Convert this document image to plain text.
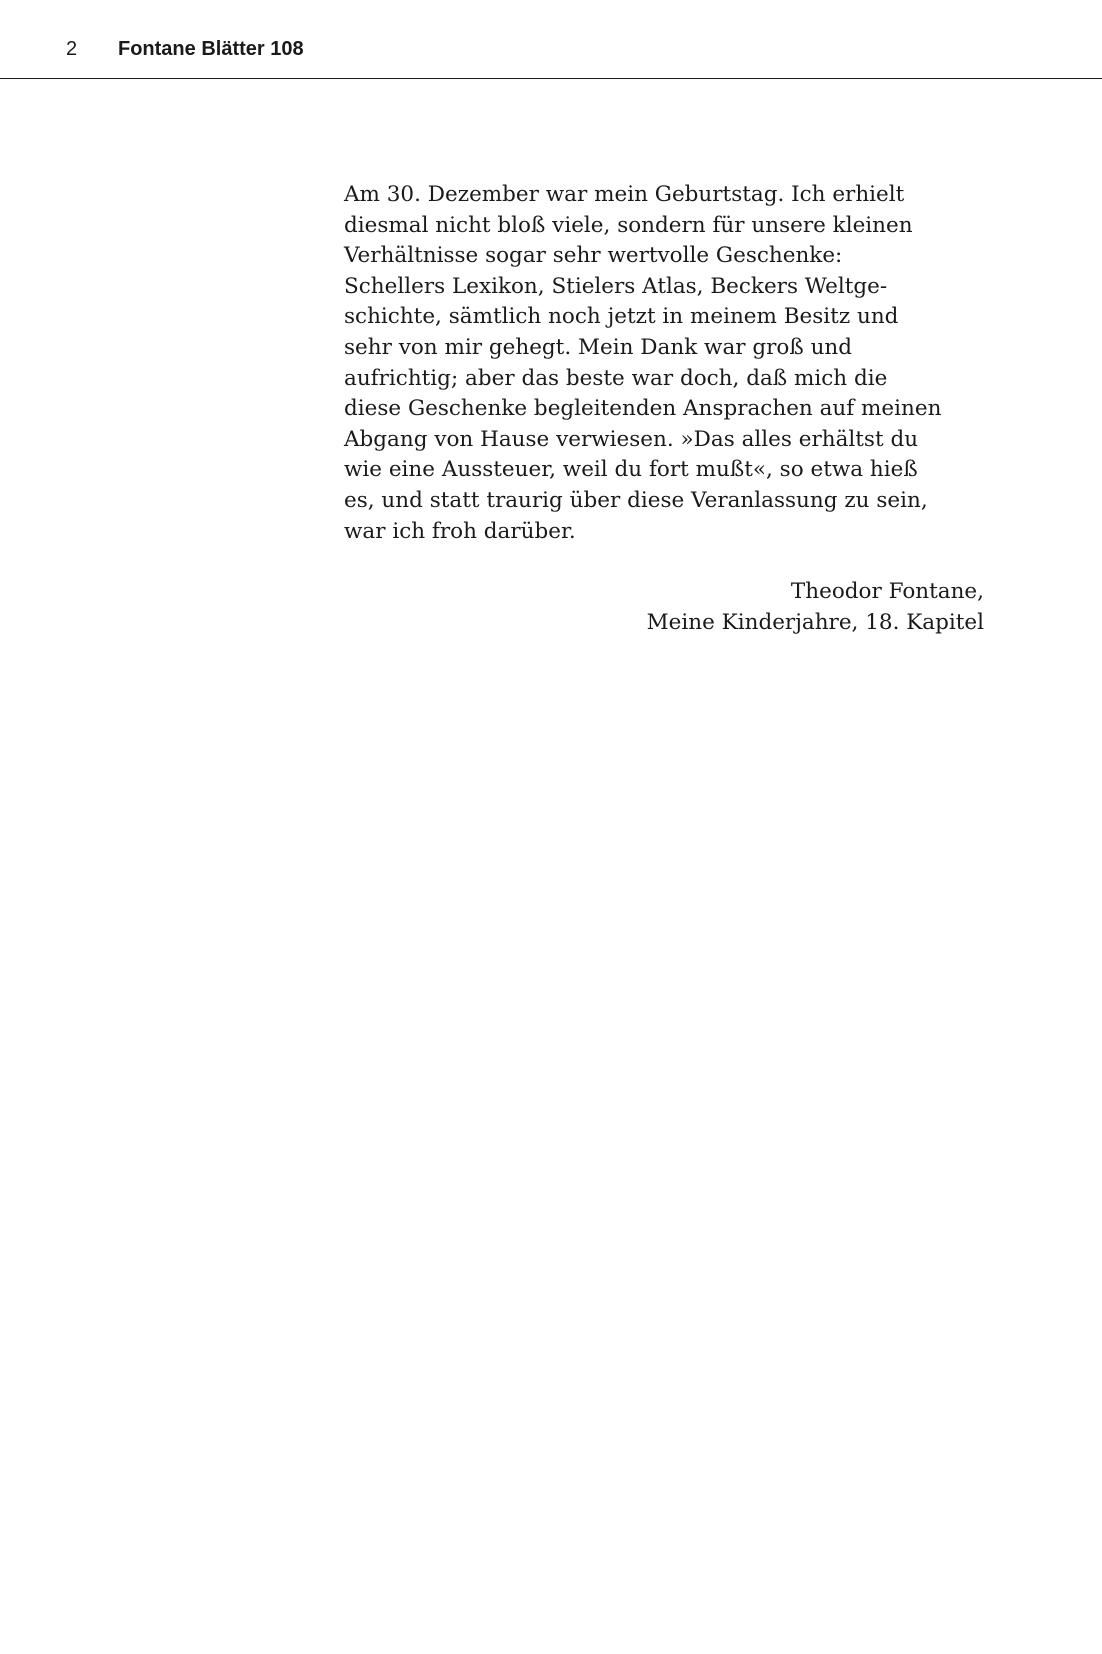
2 Fontane Blätter 108
Am 30. Dezember war mein Geburtstag. Ich erhielt
diesmal nicht bloß viele, sondern für unsere kleinen
Verhältnisse sogar sehr wertvolle Geschenke:
Schellers Lexikon, Stielers Atlas, Beckers Weltge-
schichte, sämtlich noch jetzt in meinem Besitz und
sehr von mir gehegt. Mein Dank war groß und
aufrichtig; aber das beste war doch, daß mich die
diese Geschenke begleitenden Ansprachen auf meinen
Abgang von Hause verwiesen. »Das alles erhältst du
wie eine Aussteuer, weil du fort mußt«, so etwa hieß
es, und statt traurig über diese Veranlassung zu sein,
war ich froh darüber.
Theodor Fontane,
Meine Kinderjahre, 18. Kapitel
